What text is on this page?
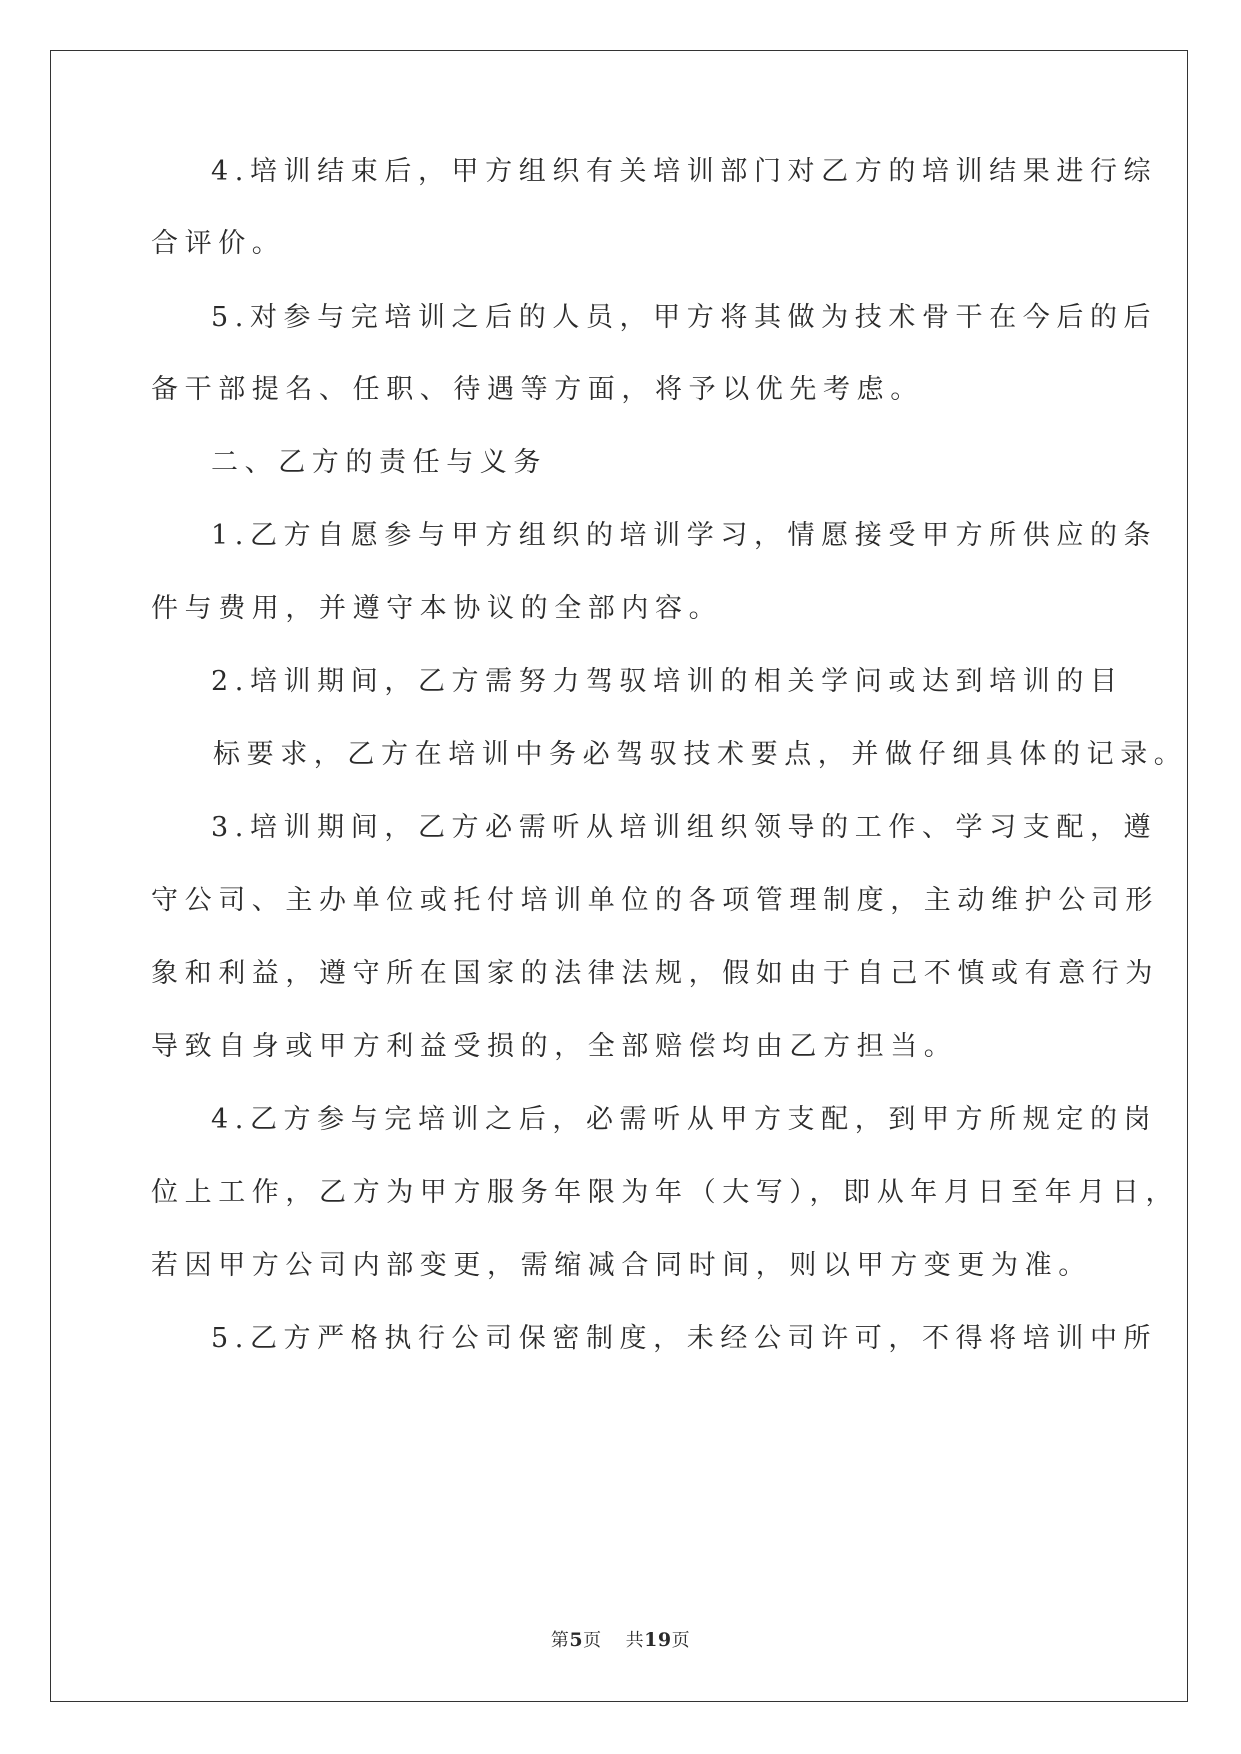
4.培训结束后，甲方组织有关培训部门对乙方的培训结果进行综
合评价。
5.对参与完培训之后的人员，甲方将其做为技术骨干在今后的后
备干部提名、任职、待遇等方面，将予以优先考虑。
二、乙方的责任与义务
1.乙方自愿参与甲方组织的培训学习，情愿接受甲方所供应的条
件与费用，并遵守本协议的全部内容。
2.培训期间，乙方需努力驾驭培训的相关学问或达到培训的目
标要求，乙方在培训中务必驾驭技术要点，并做仔细具体的记录。
3.培训期间，乙方必需听从培训组织领导的工作、学习支配，遵
守公司、主办单位或托付培训单位的各项管理制度，主动维护公司形
象和利益，遵守所在国家的法律法规，假如由于自己不慎或有意行为
导致自身或甲方利益受损的，全部赔偿均由乙方担当。
4.乙方参与完培训之后，必需听从甲方支配，到甲方所规定的岗
位上工作，乙方为甲方服务年限为年（大写），即从年月日至年月日，
若因甲方公司内部变更，需缩减合同时间，则以甲方变更为准。
5.乙方严格执行公司保密制度，未经公司许可，不得将培训中所
第5页 共19页
